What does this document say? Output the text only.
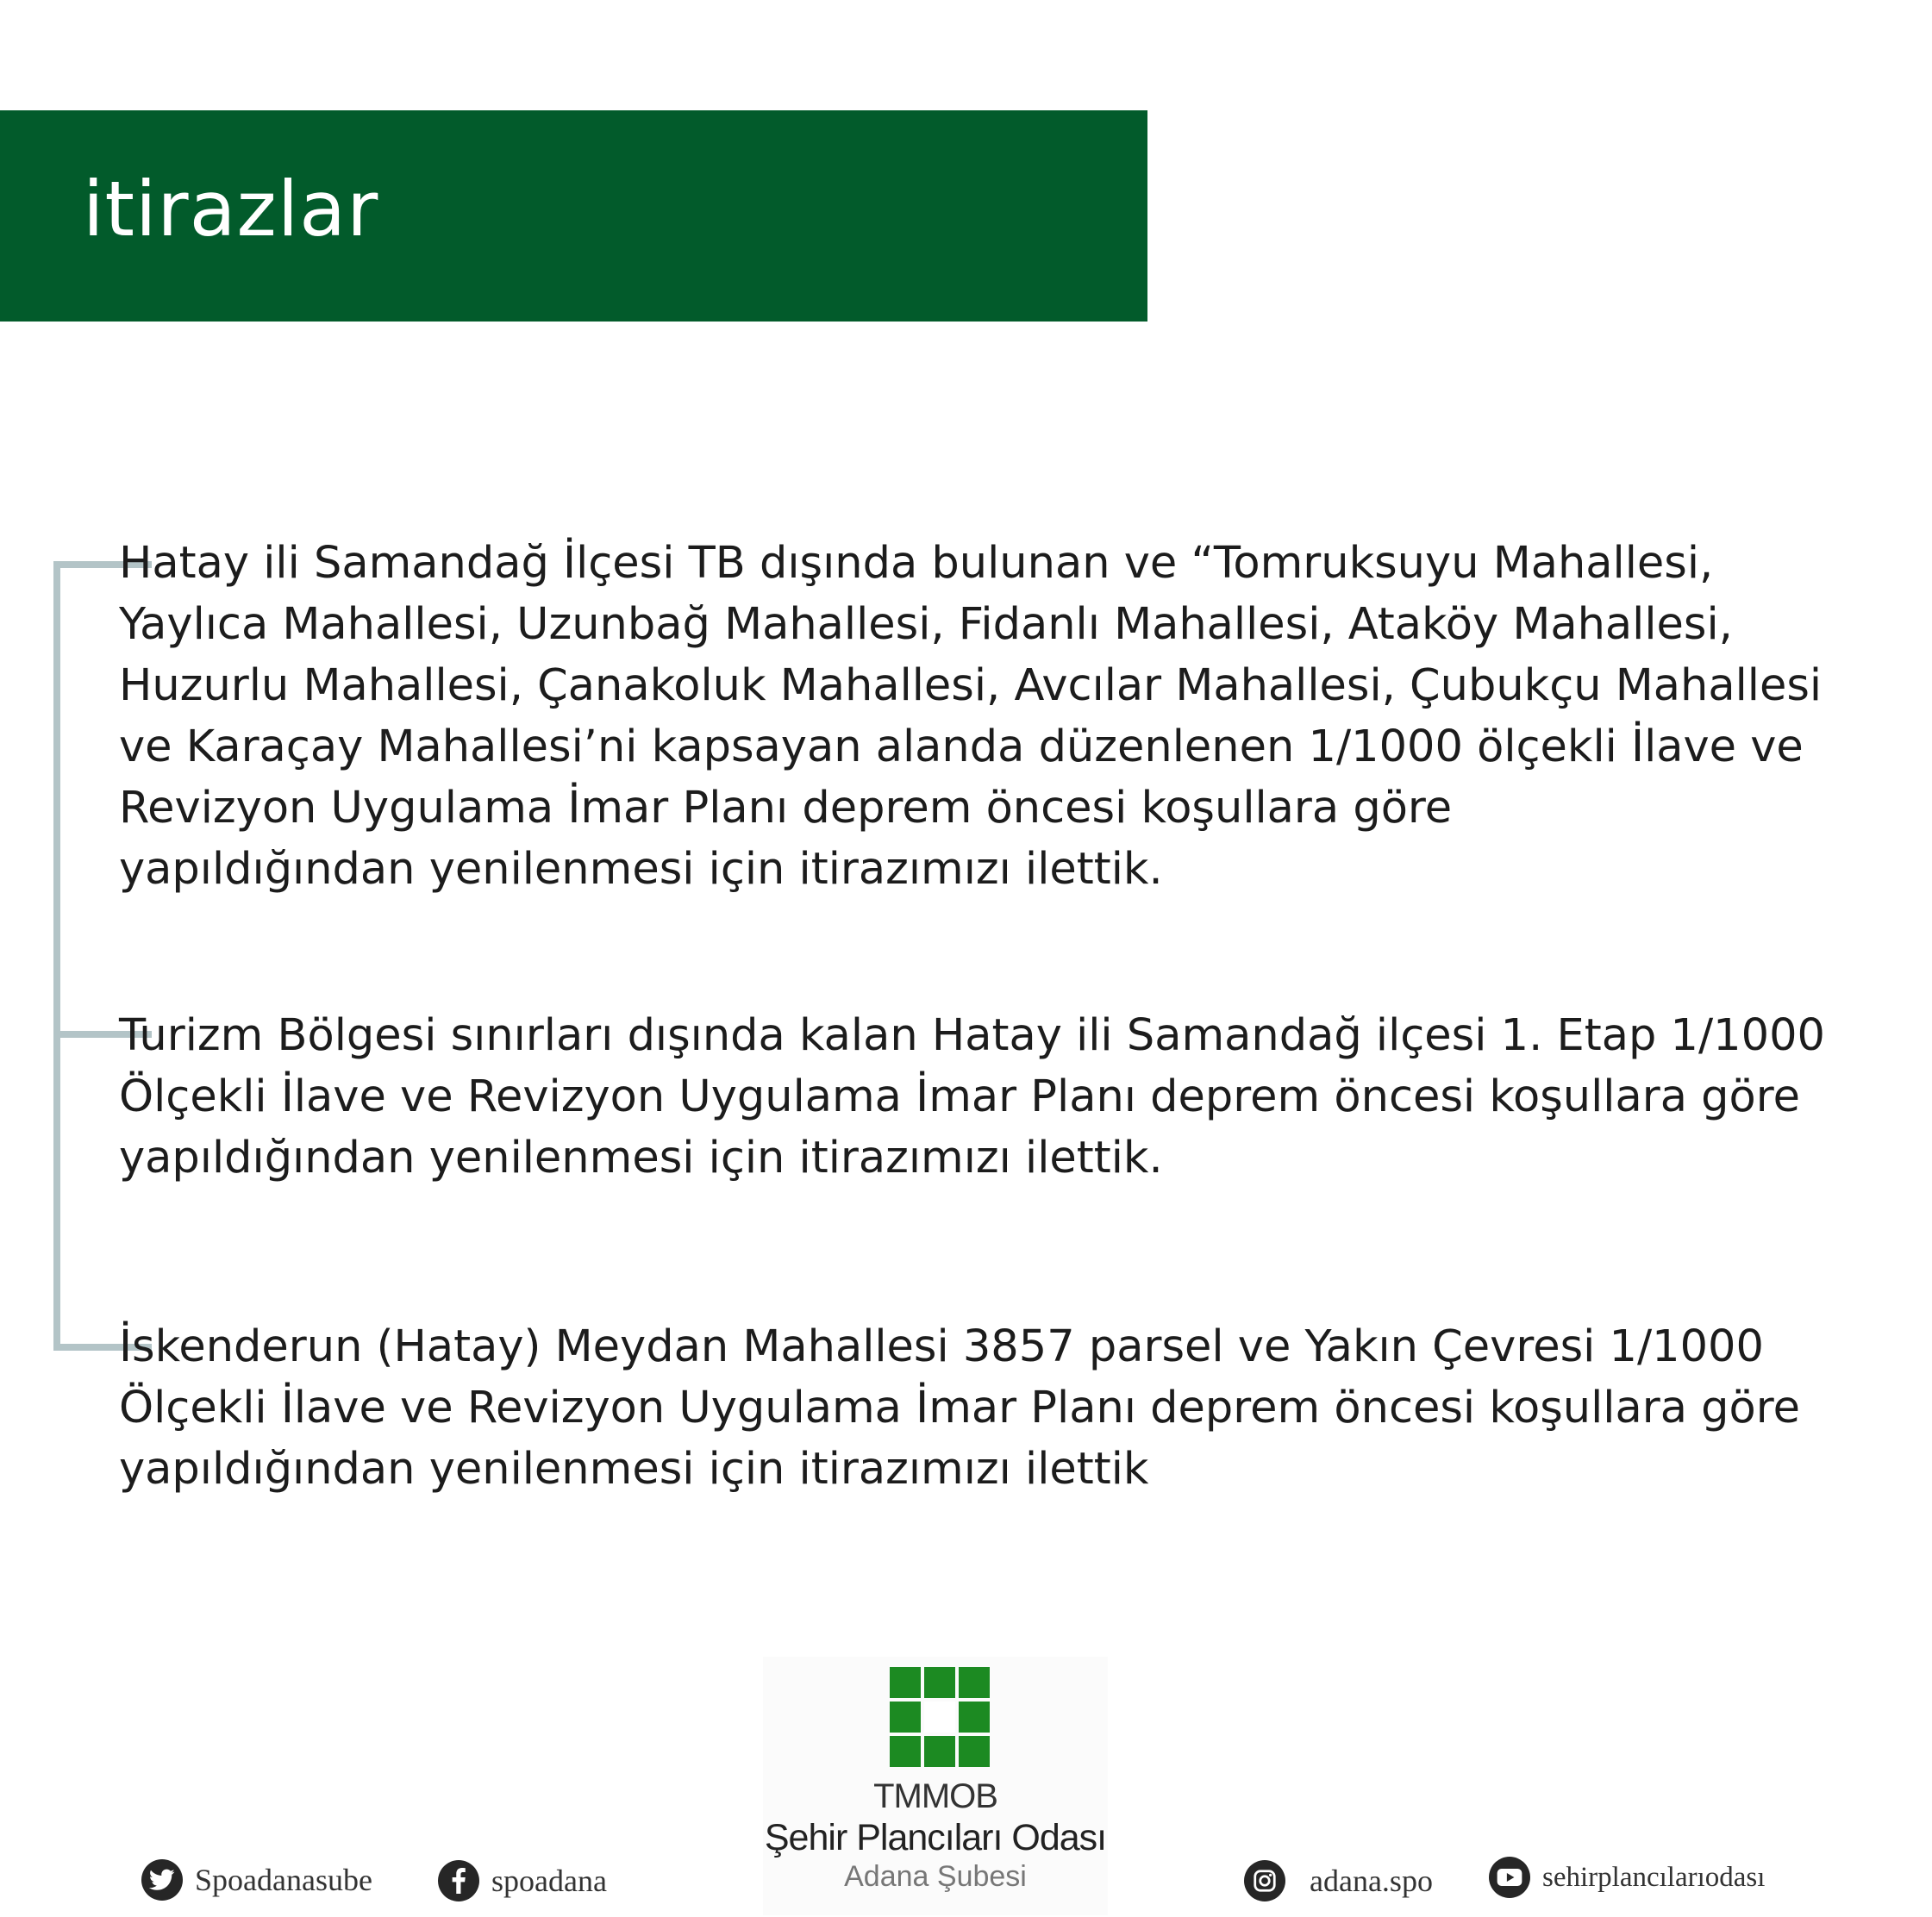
itirazlar
Hatay ili Samandağ İlçesi TB dışında bulunan ve “Tomruksuyu Mahallesi,
Yaylıca Mahallesi, Uzunbağ Mahallesi, Fidanlı Mahallesi, Ataköy Mahallesi,
Huzurlu Mahallesi, Çanakoluk Mahallesi, Avcılar Mahallesi, Çubukçu Mahallesi
ve Karaçay Mahallesi’ni kapsayan alanda düzenlenen 1/1000 ölçekli İlave ve
Revizyon Uygulama İmar Planı deprem öncesi koşullara göre
yapıldığından yenilenmesi için itirazımızı ilettik.
Turizm Bölgesi sınırları dışında kalan Hatay ili Samandağ ilçesi 1. Etap 1/1000
Ölçekli İlave ve Revizyon Uygulama İmar Planı deprem öncesi koşullara göre
yapıldığından yenilenmesi için itirazımızı ilettik.
İskenderun (Hatay) Meydan Mahallesi 3857 parsel ve Yakın Çevresi 1/1000
Ölçekli İlave ve Revizyon Uygulama İmar Planı deprem öncesi koşullara göre
yapıldığından yenilenmesi için itirazımızı ilettik
TMMOB
Şehir Plancıları Odası
Adana Şubesi
Spoadanasube	spoadana	adana.spo	sehirplancılarıodası
